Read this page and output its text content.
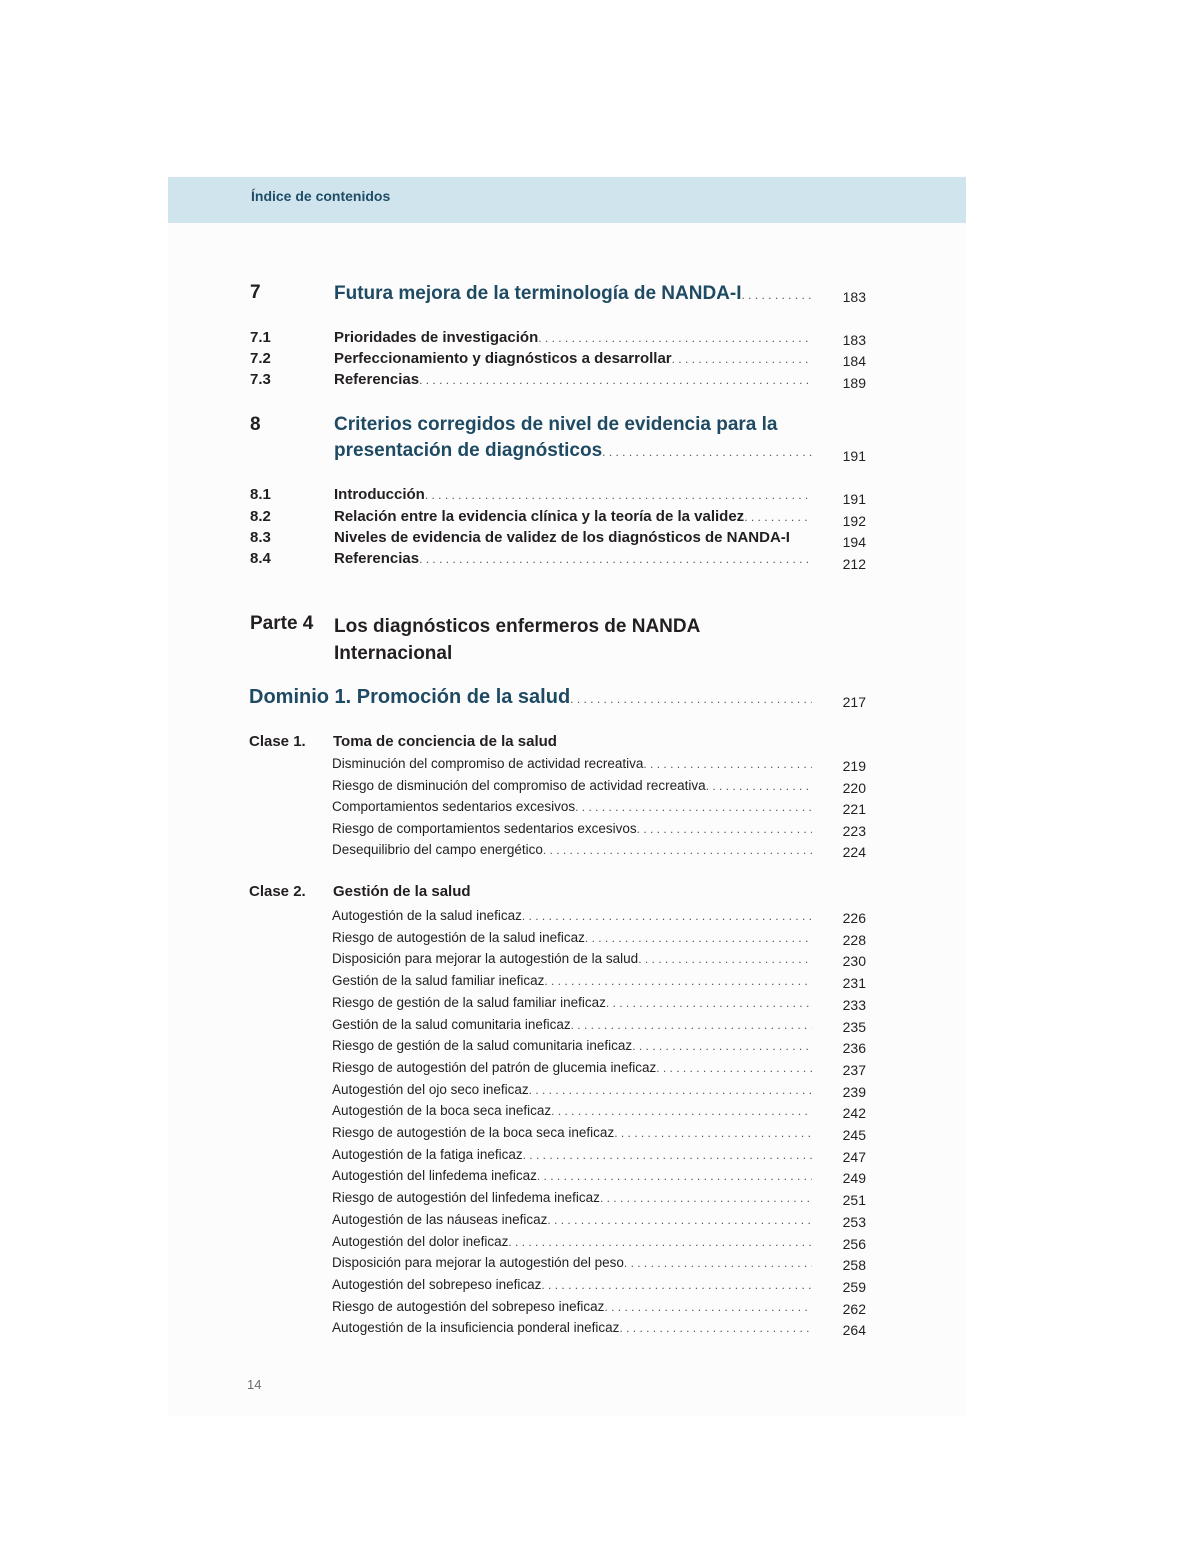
Índice de contenidos
7	Futura mejora de la terminología de NANDA-I . . .	183
7.1	Prioridades de investigación . . .	183
7.2	Perfeccionamiento y diagnósticos a desarrollar . . .	184
7.3	Referencias . . .	189
8	Criterios corregidos de nivel de evidencia para la
presentación de diagnósticos . . .	191
8.1	Introducción . . .	191
8.2	Relación entre la evidencia clínica y la teoría de la validez . . .	192
8.3	Niveles de evidencia de validez de los diagnósticos de NANDA-I	194
8.4	Referencias . . .	212
Parte 4 Los diagnósticos enfermeros de NANDA
Internacional
Dominio 1. Promoción de la salud . . .	217
Clase 1. Toma de conciencia de la salud
Disminución del compromiso de actividad recreativa . . .	219
Riesgo de disminución del compromiso de actividad recreativa . . .	220
Comportamientos sedentarios excesivos . . .	221
Riesgo de comportamientos sedentarios excesivos . . .	223
Desequilibrio del campo energético . . .	224
Clase 2. Gestión de la salud
Autogestión de la salud ineficaz . . .	226
Riesgo de autogestión de la salud ineficaz . . .	228
Disposición para mejorar la autogestión de la salud . . .	230
Gestión de la salud familiar ineficaz . . .	231
Riesgo de gestión de la salud familiar ineficaz . . .	233
Gestión de la salud comunitaria ineficaz . . .	235
Riesgo de gestión de la salud comunitaria ineficaz . . .	236
Riesgo de autogestión del patrón de glucemia ineficaz . . .	237
Autogestión del ojo seco ineficaz . . .	239
Autogestión de la boca seca ineficaz . . .	242
Riesgo de autogestión de la boca seca ineficaz . . .	245
Autogestión de la fatiga ineficaz . . .	247
Autogestión del linfedema ineficaz . . .	249
Riesgo de autogestión del linfedema ineficaz . . .	251
Autogestión de las náuseas ineficaz . . .	253
Autogestión del dolor ineficaz . . .	256
Disposición para mejorar la autogestión del peso . . .	258
Autogestión del sobrepeso ineficaz . . .	259
Riesgo de autogestión del sobrepeso ineficaz . . .	262
Autogestión de la insuficiencia ponderal ineficaz . . .	264
14
